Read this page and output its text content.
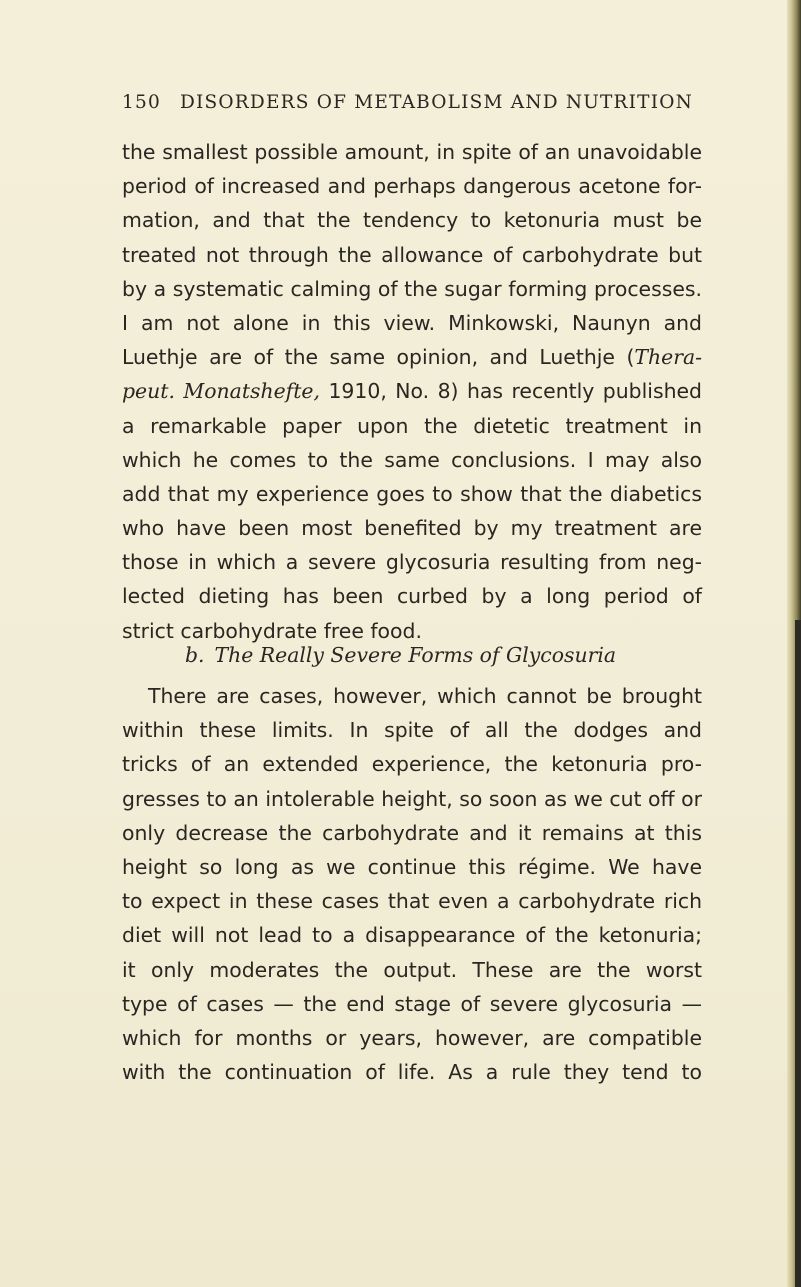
150 DISORDERS OF METABOLISM AND NUTRITION
the smallest possible amount, in spite of an unavoidable
period of increased and perhaps dangerous acetone for-
mation, and that the tendency to ketonuria must be
treated not through the allowance of carbohydrate but
by a systematic calming of the sugar forming processes.
I am not alone in this view. Minkowski, Naunyn and
Luethje are of the same opinion, and Luethje (Thera-
peut. Monatshefte, 1910, No. 8) has recently published
a remarkable paper upon the dietetic treatment in
which he comes to the same conclusions. I may also
add that my experience goes to show that the diabetics
who have been most benefited by my treatment are
those in which a severe glycosuria resulting from neg-
lected dieting has been curbed by a long period of
strict carbohydrate free food.
b. The Really Severe Forms of Glycosuria
There are cases, however, which cannot be brought
within these limits. In spite of all the dodges and
tricks of an extended experience, the ketonuria pro-
gresses to an intolerable height, so soon as we cut off or
only decrease the carbohydrate and it remains at this
height so long as we continue this régime. We have
to expect in these cases that even a carbohydrate rich
diet will not lead to a disappearance of the ketonuria;
it only moderates the output. These are the worst
type of cases — the end stage of severe glycosuria —
which for months or years, however, are compatible
with the continuation of life. As a rule they tend to
